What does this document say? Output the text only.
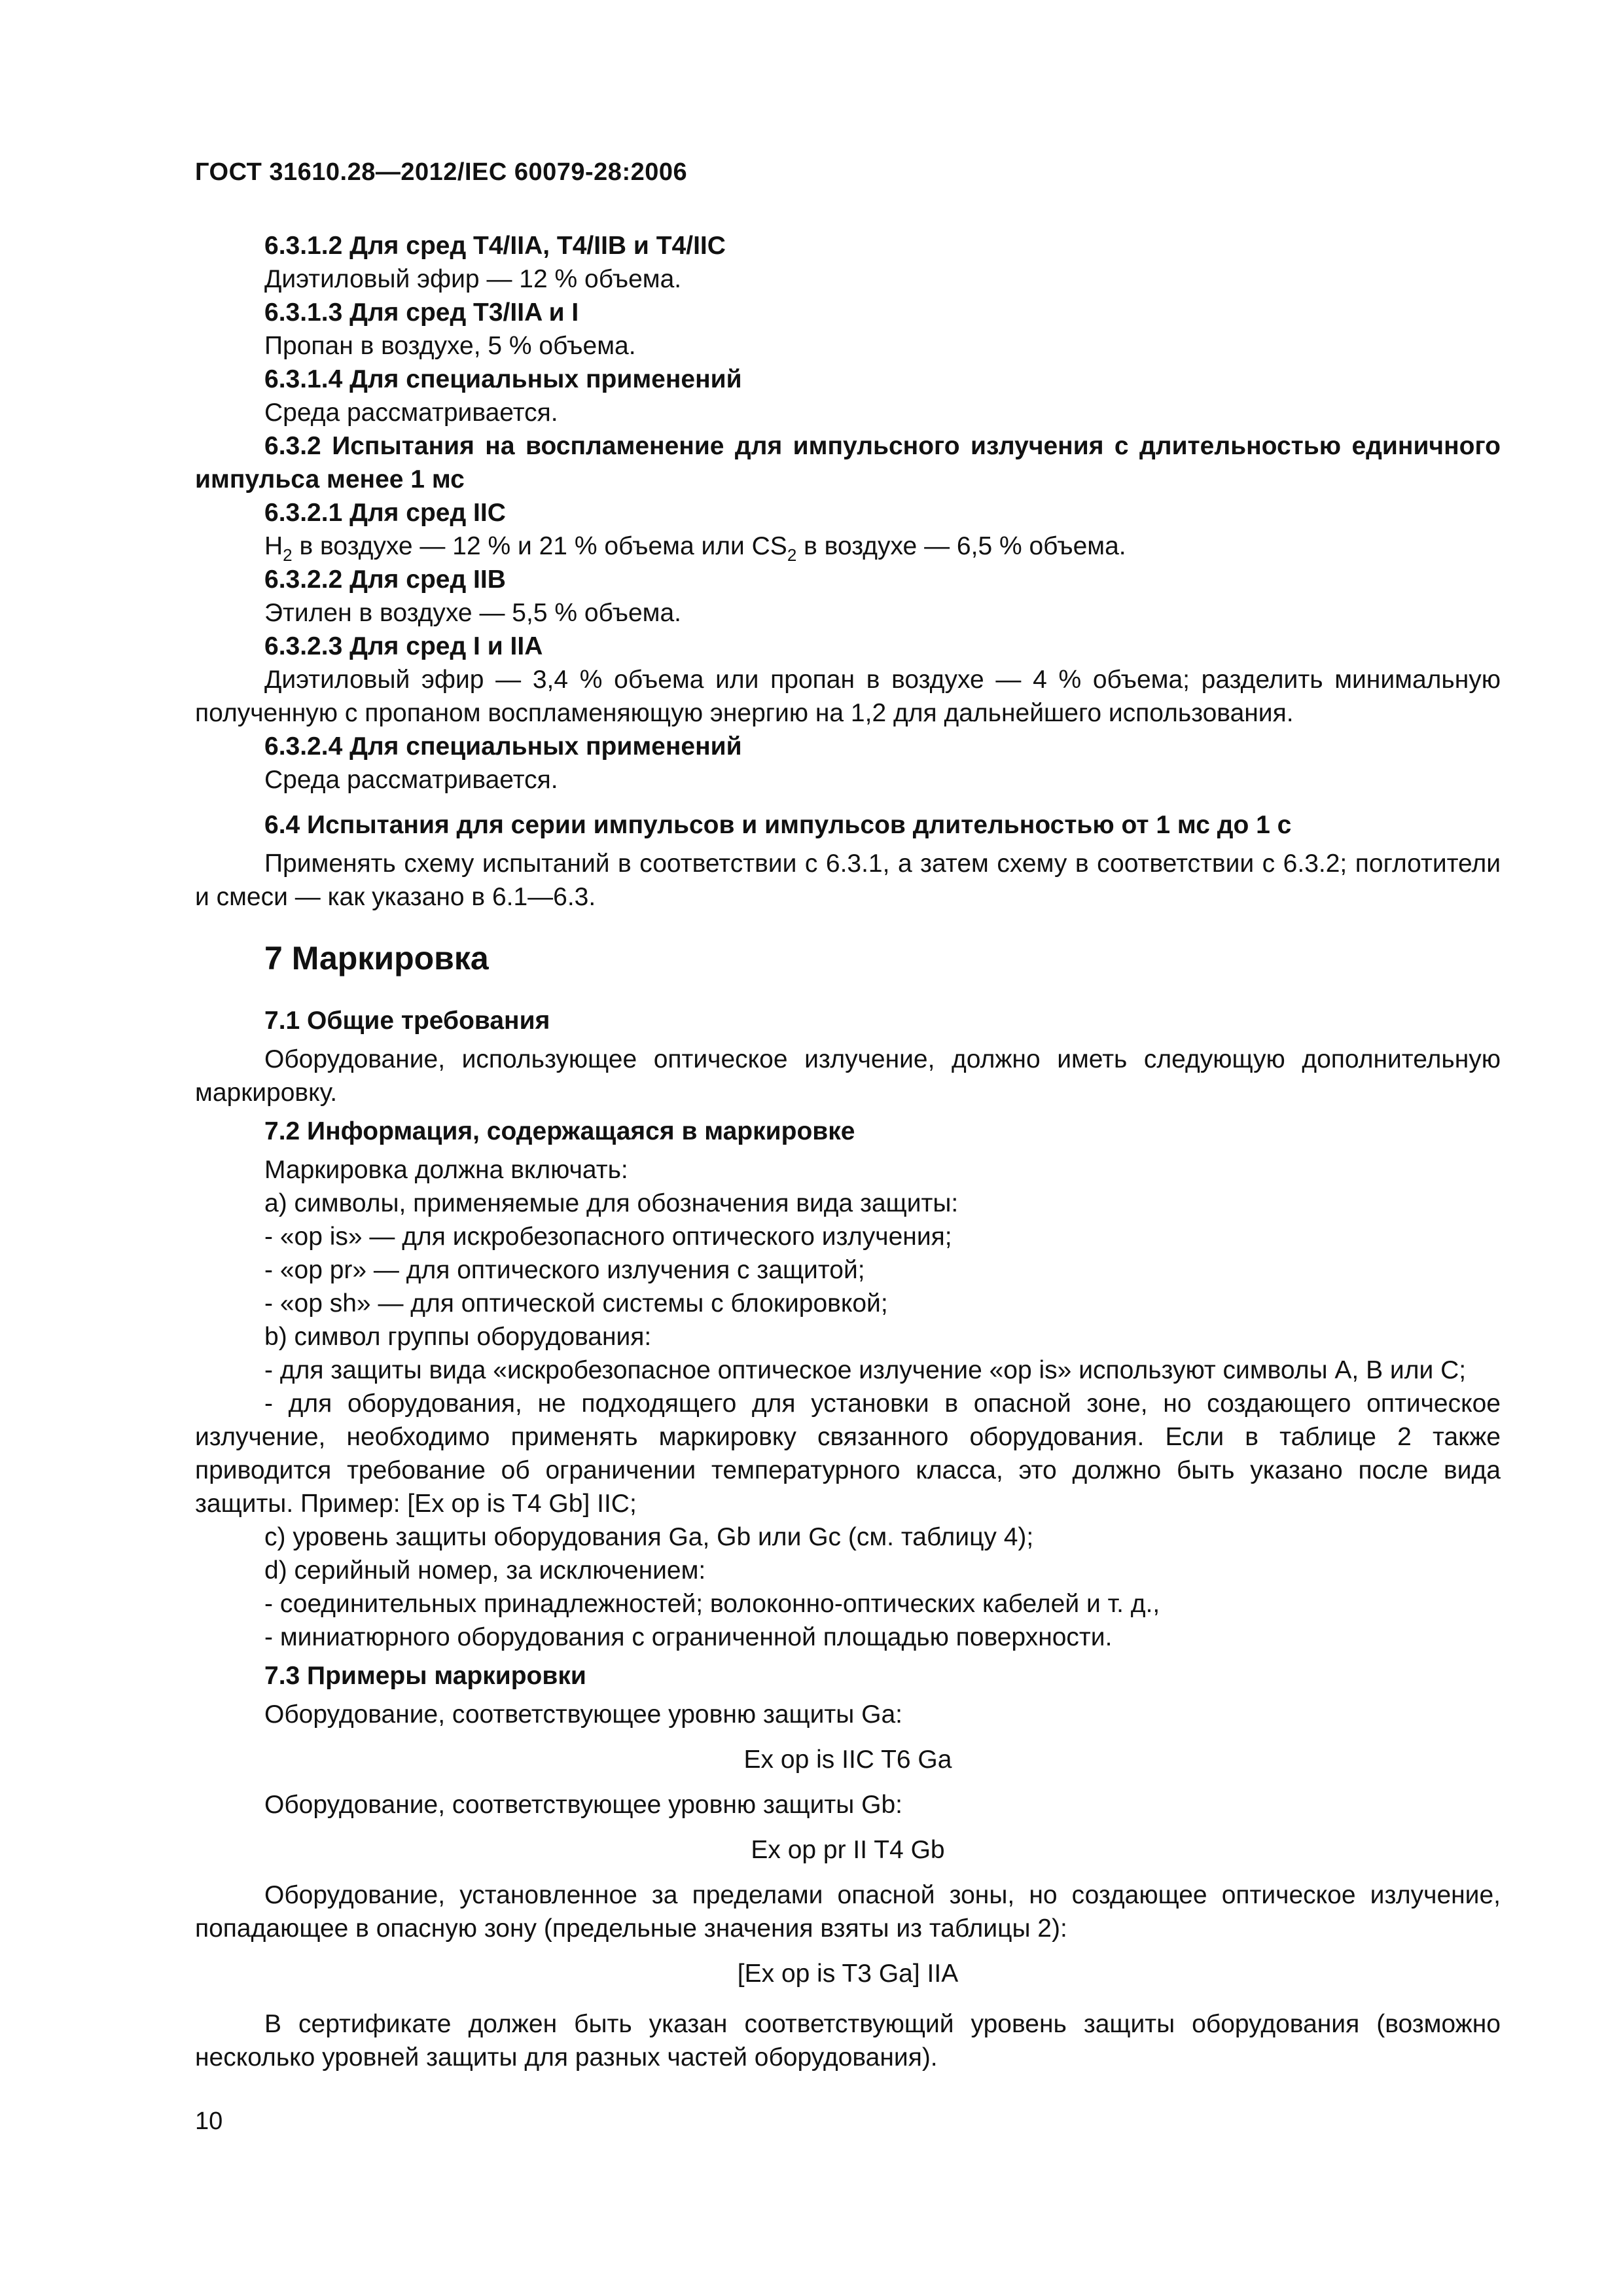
ГОСТ 31610.28—2012/IEC 60079-28:2006
6.3.1.2 Для сред Т4/IIA, Т4/IIB и Т4/IIC
Диэтиловый эфир — 12 % объема.
6.3.1.3 Для сред Т3/IIA и I
Пропан в воздухе, 5 % объема.
6.3.1.4 Для специальных применений
Среда рассматривается.
6.3.2 Испытания на воспламенение для импульсного излучения с длительностью единичного импульса менее 1 мс
6.3.2.1 Для сред IIC
$H_2$ в воздухе — 12 % и 21 % объема или $CS_2$ в воздухе — 6,5 % объема.
6.3.2.2 Для сред IIB
Этилен в воздухе — 5,5 % объема.
6.3.2.3 Для сред I и IIA
Диэтиловый эфир — 3,4 % объема или пропан в воздухе — 4 % объема; разделить минимальную полученную с пропаном воспламеняющую энергию на 1,2 для дальнейшего использования.
6.3.2.4 Для специальных применений
Среда рассматривается.
6.4 Испытания для серии импульсов и импульсов длительностью от 1 мс до 1 с
Применять схему испытаний в соответствии с 6.3.1, а затем схему в соответствии с 6.3.2; поглотители и смеси — как указано в 6.1—6.3.
7 Маркировка
7.1 Общие требования
Оборудование, использующее оптическое излучение, должно иметь следующую дополнительную маркировку.
7.2 Информация, содержащаяся в маркировке
Маркировка должна включать:
а) символы, применяемые для обозначения вида защиты:
- «op is» — для искробезопасного оптического излучения;
- «op pr» — для оптического излучения с защитой;
- «op sh» — для оптической системы с блокировкой;
b) символ группы оборудования:
- для защиты вида «искробезопасное оптическое излучение «op is» используют символы А, В или С;
- для оборудования, не подходящего для установки в опасной зоне, но создающего оптическое излучение, необходимо применять маркировку связанного оборудования. Если в таблице 2 также приводится требование об ограничении температурного класса, это должно быть указано после вида защиты. Пример: [Ex op is T4 Gb] IIC;
с) уровень защиты оборудования Ga, Gb или Gc (см. таблицу 4);
d) серийный номер, за исключением:
- соединительных принадлежностей; волоконно-оптических кабелей и т. д.,
- миниатюрного оборудования с ограниченной площадью поверхности.
7.3 Примеры маркировки
Оборудование, соответствующее уровню защиты Ga:
Ex op is IIC T6 Ga
Оборудование, соответствующее уровню защиты Gb:
Ex op pr II T4 Gb
Оборудование, установленное за пределами опасной зоны, но создающее оптическое излучение, попадающее в опасную зону (предельные значения взяты из таблицы 2):
[Ex op is T3 Ga] IIA
В сертификате должен быть указан соответствующий уровень защиты оборудования (возможно несколько уровней защиты для разных частей оборудования).
10
